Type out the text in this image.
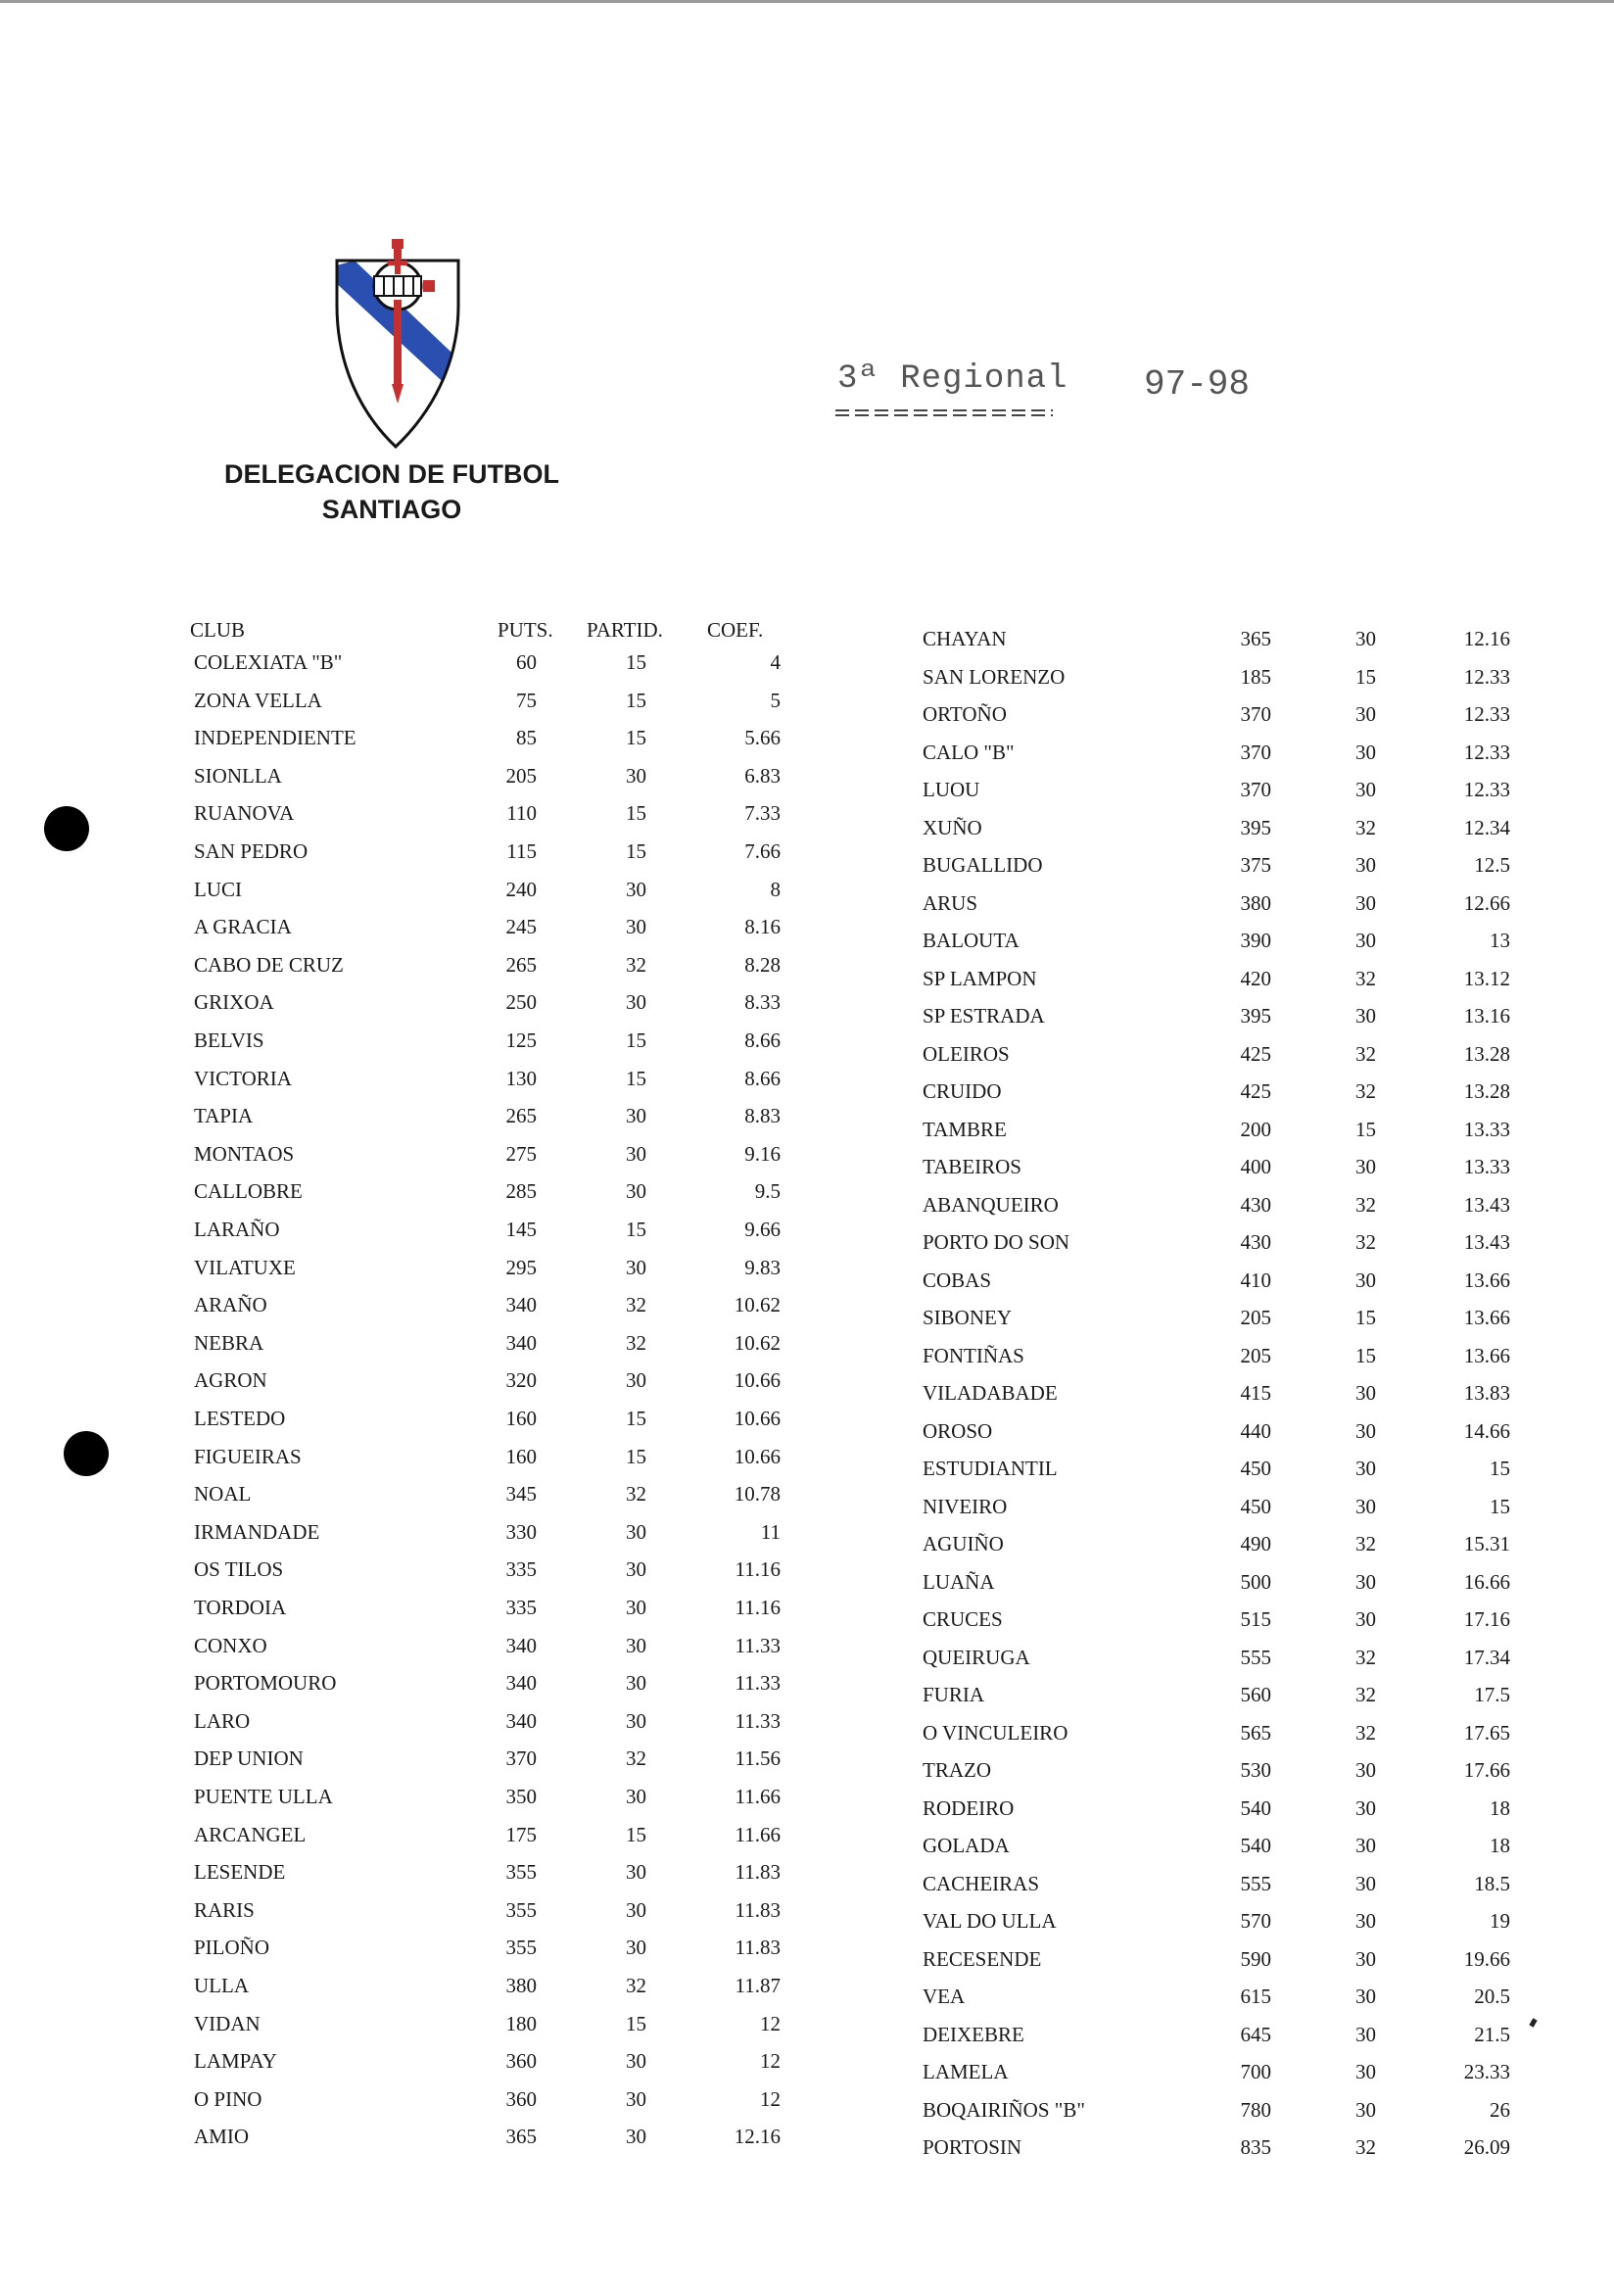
DELEGACION DE FUTBOL
SANTIAGO
3ª Regional 97-98
CLUB	PUTS. PARTID. COEF.
COLEXIATA "B"	60	15	4
ZONA VELLA	75	15	5
INDEPENDIENTE	85	15	5.66
SIONLLA	205	30	6.83
RUANOVA	110	15	7.33
SAN PEDRO	115	15	7.66
LUCI	240	30	8
A GRACIA	245	30	8.16
CABO DE CRUZ	265	32	8.28
GRIXOA	250	30	8.33
BELVIS	125	15	8.66
VICTORIA	130	15	8.66
TAPIA	265	30	8.83
MONTAOS	275	30	9.16
CALLOBRE	285	30	9.5
LARAÑO	145	15	9.66
VILATUXE	295	30	9.83
ARAÑO	340	32	10.62
NEBRA	340	32	10.62
AGRON	320	30	10.66
LESTEDO	160	15	10.66
FIGUEIRAS	160	15	10.66
NOAL	345	32	10.78
IRMANDADE	330	30	11
OS TILOS	335	30	11.16
TORDOIA	335	30	11.16
CONXO	340	30	11.33
PORTOMOURO	340	30	11.33
LARO	340	30	11.33
DEP UNION	370	32	11.56
PUENTE ULLA	350	30	11.66
ARCANGEL	175	15	11.66
LESENDE	355	30	11.83
RARIS	355	30	11.83
PILOÑO	355	30	11.83
ULLA	380	32	11.87
VIDAN	180	15	12
LAMPAY	360	30	12
O PINO	360	30	12
AMIO	365	30	12.16
CHAYAN	365	30	12.16
SAN LORENZO	185	15	12.33
ORTOÑO	370	30	12.33
CALO "B"	370	30	12.33
LUOU	370	30	12.33
XUÑO	395	32	12.34
BUGALLIDO	375	30	12.5
ARUS	380	30	12.66
BALOUTA	390	30	13
SP LAMPON	420	32	13.12
SP ESTRADA	395	30	13.16
OLEIROS	425	32	13.28
CRUIDO	425	32	13.28
TAMBRE	200	15	13.33
TABEIROS	400	30	13.33
ABANQUEIRO	430	32	13.43
PORTO DO SON	430	32	13.43
COBAS	410	30	13.66
SIBONEY	205	15	13.66
FONTIÑAS	205	15	13.66
VILADABADE	415	30	13.83
OROSO	440	30	14.66
ESTUDIANTIL	450	30	15
NIVEIRO	450	30	15
AGUIÑO	490	32	15.31
LUAÑA	500	30	16.66
CRUCES	515	30	17.16
QUEIRUGA	555	32	17.34
FURIA	560	32	17.5
O VINCULEIRO	565	32	17.65
TRAZO	530	30	17.66
RODEIRO	540	30	18
GOLADA	540	30	18
CACHEIRAS	555	30	18.5
VAL DO ULLA	570	30	19
RECESENDE	590	30	19.66
VEA	615	30	20.5
DEIXEBRE	645	30	21.5
LAMELA	700	30	23.33
BOQAIRIÑOS "B"	780	30	26
PORTOSIN	835	32	26.09
